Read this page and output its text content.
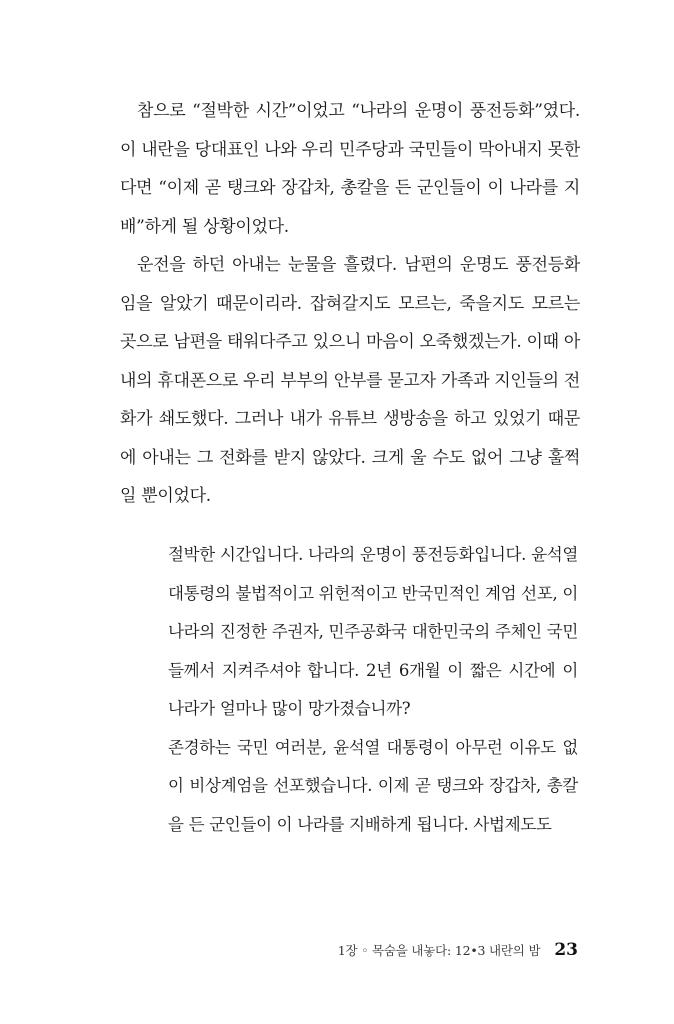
참으로 “절박한 시간”이었고 “나라의 운명이 풍전등화”였다. 이 내란을 당대표인 나와 우리 민주당과 국민들이 막아내지 못한다면 “이제 곧 탱크와 장갑차, 총칼을 든 군인들이 이 나라를 지배”하게 될 상황이었다.

운전을 하던 아내는 눈물을 흘렸다. 남편의 운명도 풍전등화임을 알았기 때문이리라. 잡혀갈지도 모르는, 죽을지도 모르는 곳으로 남편을 태워다주고 있으니 마음이 오죽했겠는가. 이때 아내의 휴대폰으로 우리 부부의 안부를 묻고자 가족과 지인들의 전화가 쇄도했다. 그러나 내가 유튜브 생방송을 하고 있었기 때문에 아내는 그 전화를 받지 않았다. 크게 울 수도 없어 그냥 훌쩍일 뿐이었다.

절박한 시간입니다. 나라의 운명이 풍전등화입니다. 윤석열 대통령의 불법적이고 위헌적이고 반국민적인 계엄 선포, 이 나라의 진정한 주권자, 민주공화국 대한민국의 주체인 국민들께서 지켜주셔야 합니다. 2년 6개월 이 짧은 시간에 이 나라가 얼마나 많이 망가졌습니까?

존경하는 국민 여러분, 윤석열 대통령이 아무런 이유도 없이 비상계엄을 선포했습니다. 이제 곧 탱크와 장갑차, 총칼을 든 군인들이 이 나라를 지배하게 됩니다. 사법제도도

1장 ◦ 목숨을 내놓다: 12•3 내란의 밤 23
